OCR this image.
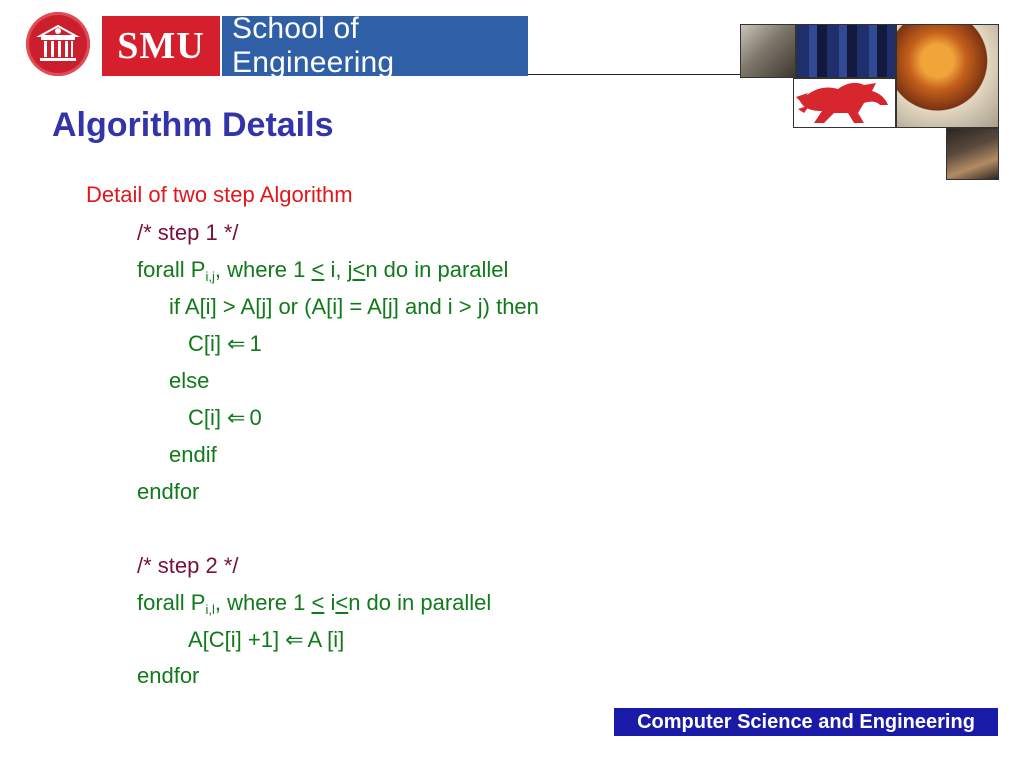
SMU School of Engineering
Algorithm Details
Detail of two step Algorithm
/* step 1 */
forall $P_{i,j}$, where 1 < i, j<n do in parallel
if A[i] > A[j] or (A[i] = A[j] and i > j) then
C[i] ⇐ 1
else
C[i] ⇐ 0
endif
endfor
/* step 2 */
forall $P_{i,l}$, where 1 < i<n do in parallel
A[C[i] +1] ⇐ A [i]
endfor
Computer Science and Engineering
